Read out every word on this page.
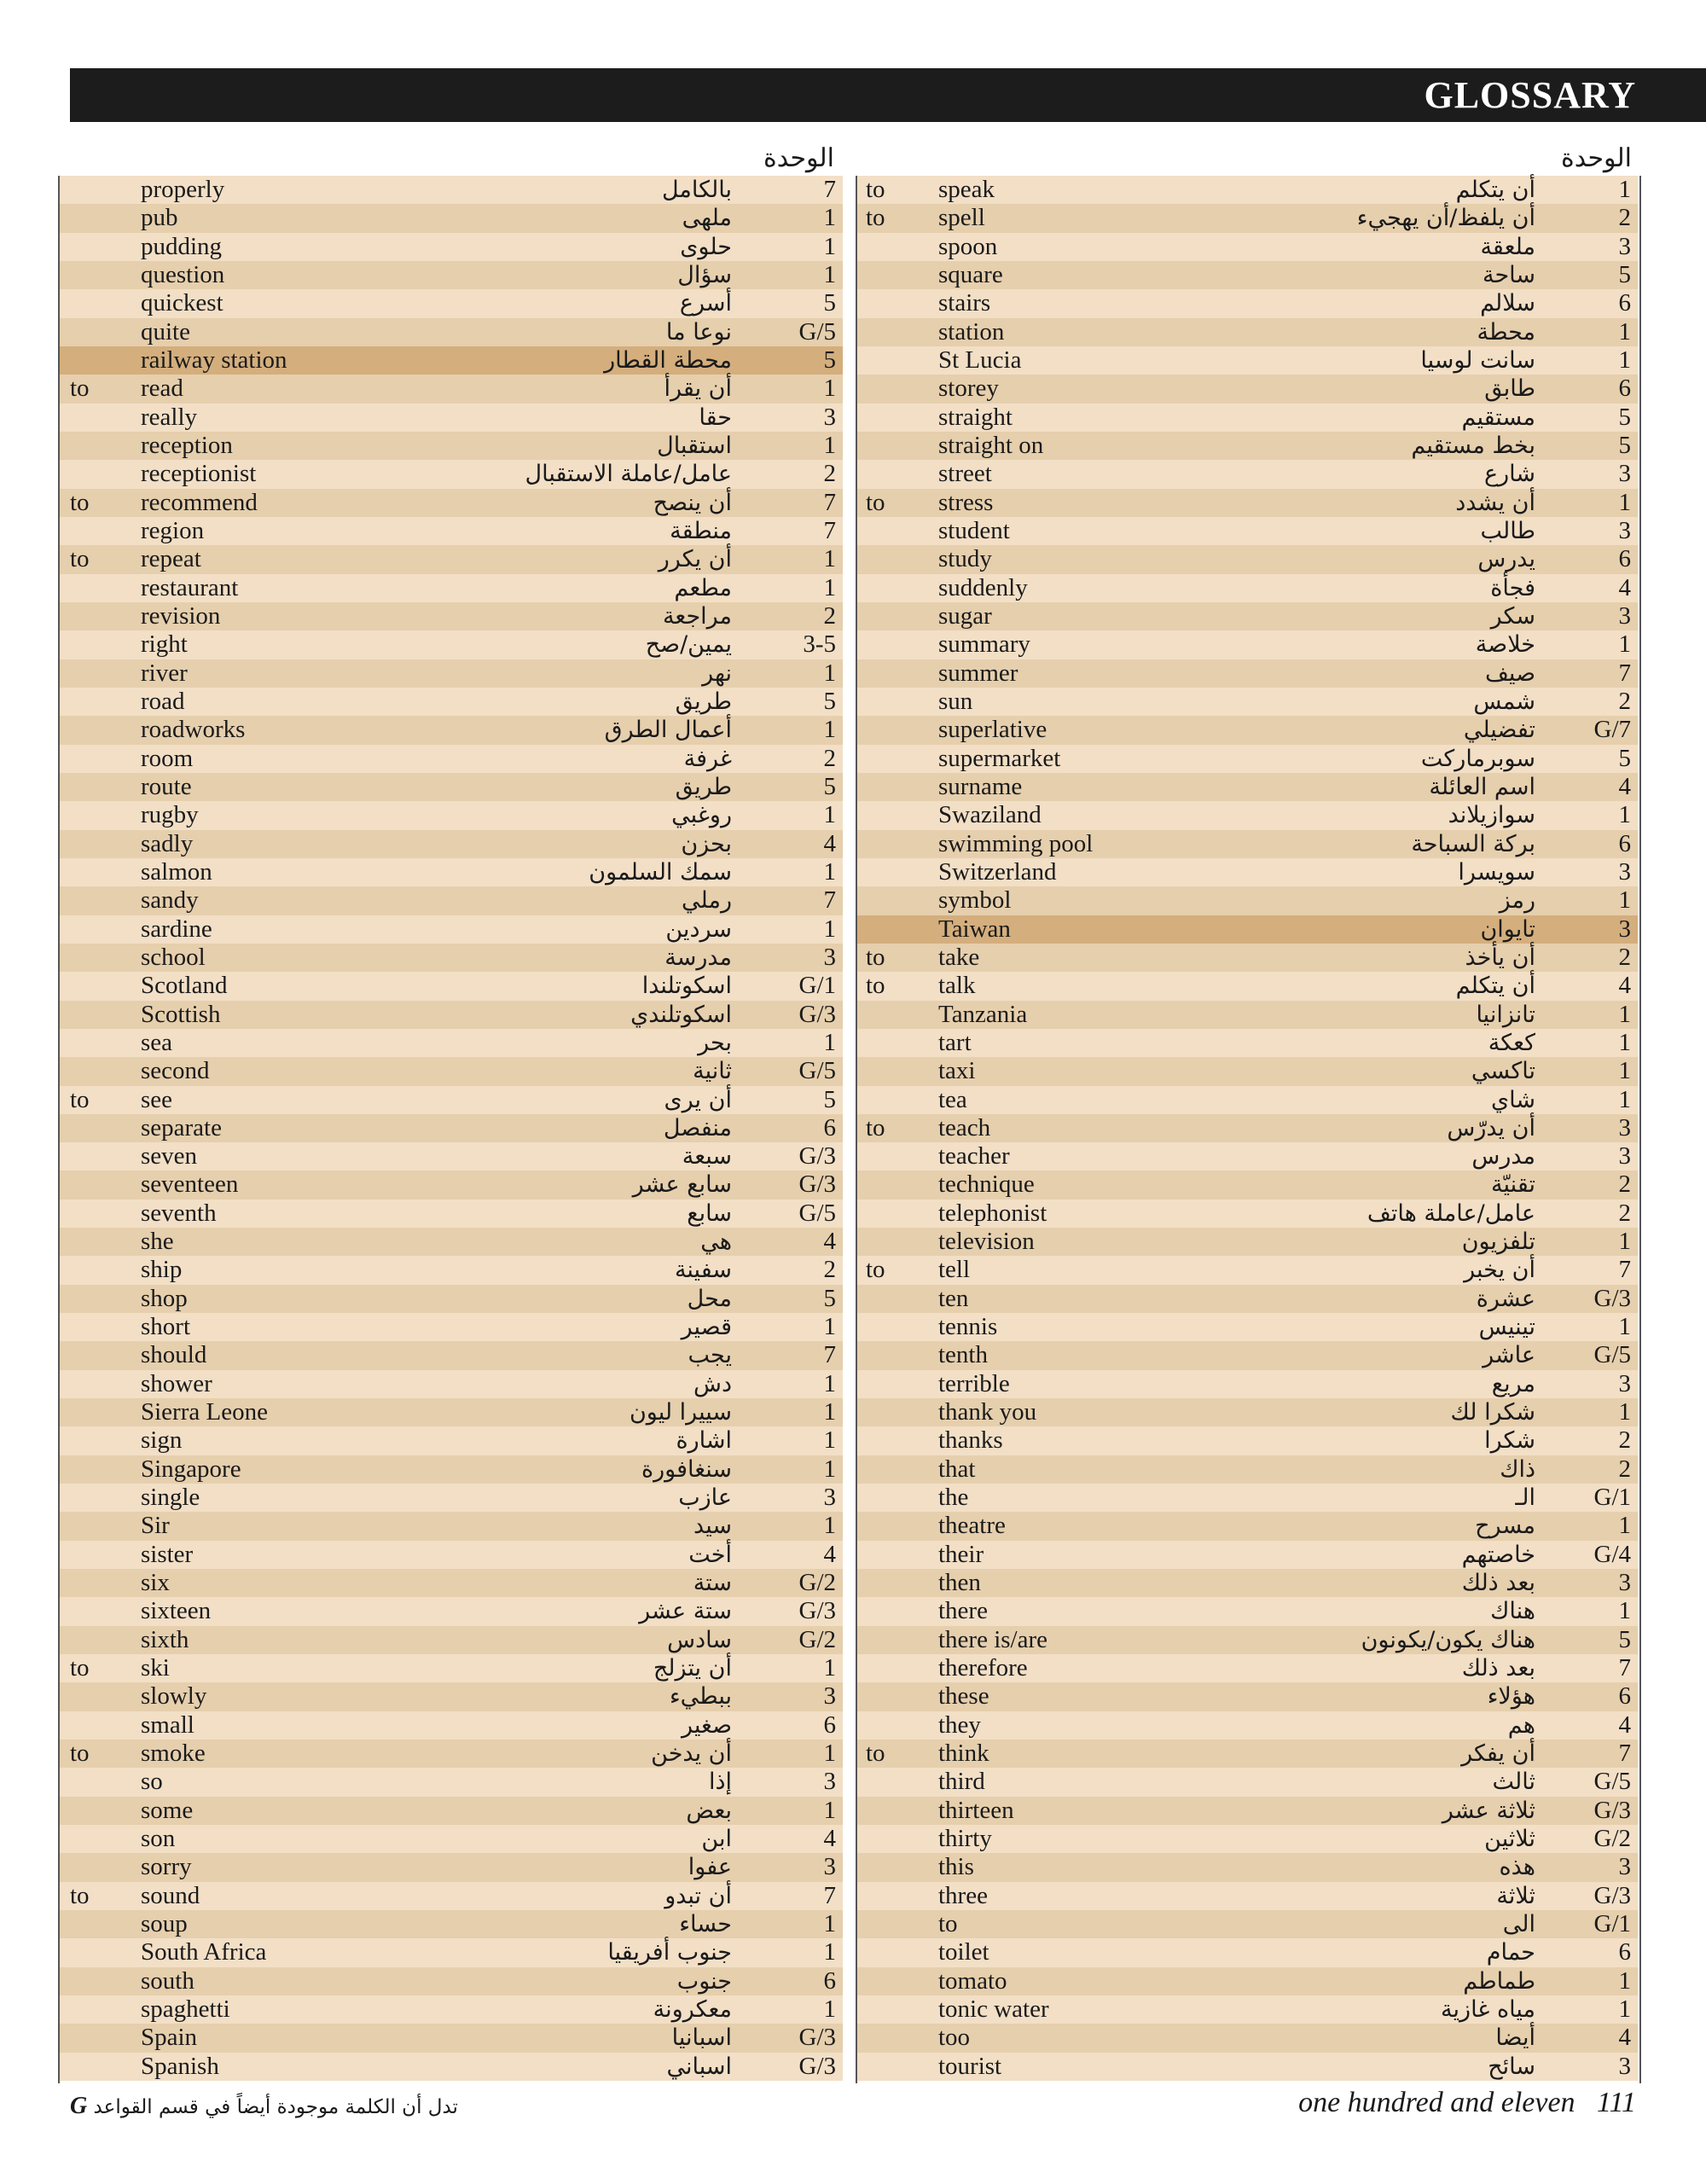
GLOSSARY
الوحدة	الوحدة
properly	بالكامل	7
pub	ملهى	1
pudding	حلوى	1
question	سؤال	1
quickest	أسرع	5
quite	نوعا ما	G/5
railway station	محطة القطار	5
to read	أن يقرأ	1
really	حقا	3
reception	استقبال	1
receptionist	عامل/عاملة الاستقبال	2
to recommend	أن ينصح	7
region	منطقة	7
to repeat	أن يكرر	1
restaurant	مطعم	1
revision	مراجعة	2
right	يمين/صح	3-5
river	نهر	1
road	طريق	5
roadworks	أعمال الطرق	1
room	غرفة	2
route	طريق	5
rugby	روغبي	1
sadly	بحزن	4
salmon	سمك السلمون	1
sandy	رملي	7
sardine	سردين	1
school	مدرسة	3
Scotland	اسكوتلندا	G/1
Scottish	اسكوتلندي	G/3
sea	بحر	1
second	ثانية	G/5
to see	أن يرى	5
separate	منفصل	6
seven	سبعة	G/3
seventeen	سابع عشر	G/3
seventh	سابع	G/5
she	هي	4
ship	سفينة	2
shop	محل	5
short	قصير	1
should	يجب	7
shower	دش	1
Sierra Leone	سييرا ليون	1
sign	اشارة	1
Singapore	سنغافورة	1
single	عازب	3
Sir	سيد	1
sister	أخت	4
six	ستة	G/2
sixteen	ستة عشر	G/3
sixth	سادس	G/2
to ski	أن يتزلج	1
slowly	ببطيء	3
small	صغير	6
to smoke	أن يدخن	1
so	إذا	3
some	بعض	1
son	ابن	4
sorry	عفوا	3
to sound	أن تبدو	7
soup	حساء	1
South Africa	جنوب أفريقيا	1
south	جنوب	6
spaghetti	معكرونة	1
Spain	اسبانيا	G/3
Spanish	اسباني	G/3
to speak	أن يتكلم	1
to spell	أن يلفظ/أن يهجيء	2
spoon	ملعقة	3
square	ساحة	5
stairs	سلالم	6
station	محطة	1
St Lucia	سانت لوسيا	1
storey	طابق	6
straight	مستقيم	5
straight on	بخط مستقيم	5
street	شارع	3
to stress	أن يشدد	1
student	طالب	3
study	يدرس	6
suddenly	فجأة	4
sugar	سكر	3
summary	خلاصة	1
summer	صيف	7
sun	شمس	2
superlative	تفضيلي G/7
supermarket	سوبرماركت	5
surname	اسم العائلة	4
Swaziland	سوازيلاند	1
swimming pool	بركة السباحة	6
Switzerland	سويسرا	3
symbol	رمز	1
Taiwan	تايوان	3
to take	أن يأخذ	2
to talk	أن يتكلم	4
Tanzania	تانزانيا	1
tart	كعكة	1
taxi	تاكسي	1
tea	شاي	1
to teach	أن يدرّس	3
teacher	مدرس	3
technique	تقنيّة	2
telephonist	عامل/عاملة هاتف	2
television	تلفزيون	1
to tell	أن يخبر	7
ten	عشرة G/3
tennis	تينيس	1
tenth	عاشر G/5
terrible	مريع	3
thank you	شكرا لك	1
thanks	شكرا	2
that	ذاك	2
the	الـ G/1
theatre	مسرح	1
their	خاصتهم G/4
then	بعد ذلك	3
there	هناك	1
there is/are	هناك يكون/يكونون	5
therefore	بعد ذلك	7
these	هؤلاء	6
they	هم	4
to think	أن يفكر	7
third	ثالث G/5
thirteen	ثلاثة عشر G/3
thirty	ثلاثين G/2
this	هذه	3
three	ثلاثة G/3
to	الى G/1
toilet	حمام	6
tomato	طماطم	1
tonic water	مياه غازية	1
too	أيضا	4
tourist	سائح	3
تدل أن الكلمة موجودة أيضاً في قسم القواعد G	one hundred and eleven 111
